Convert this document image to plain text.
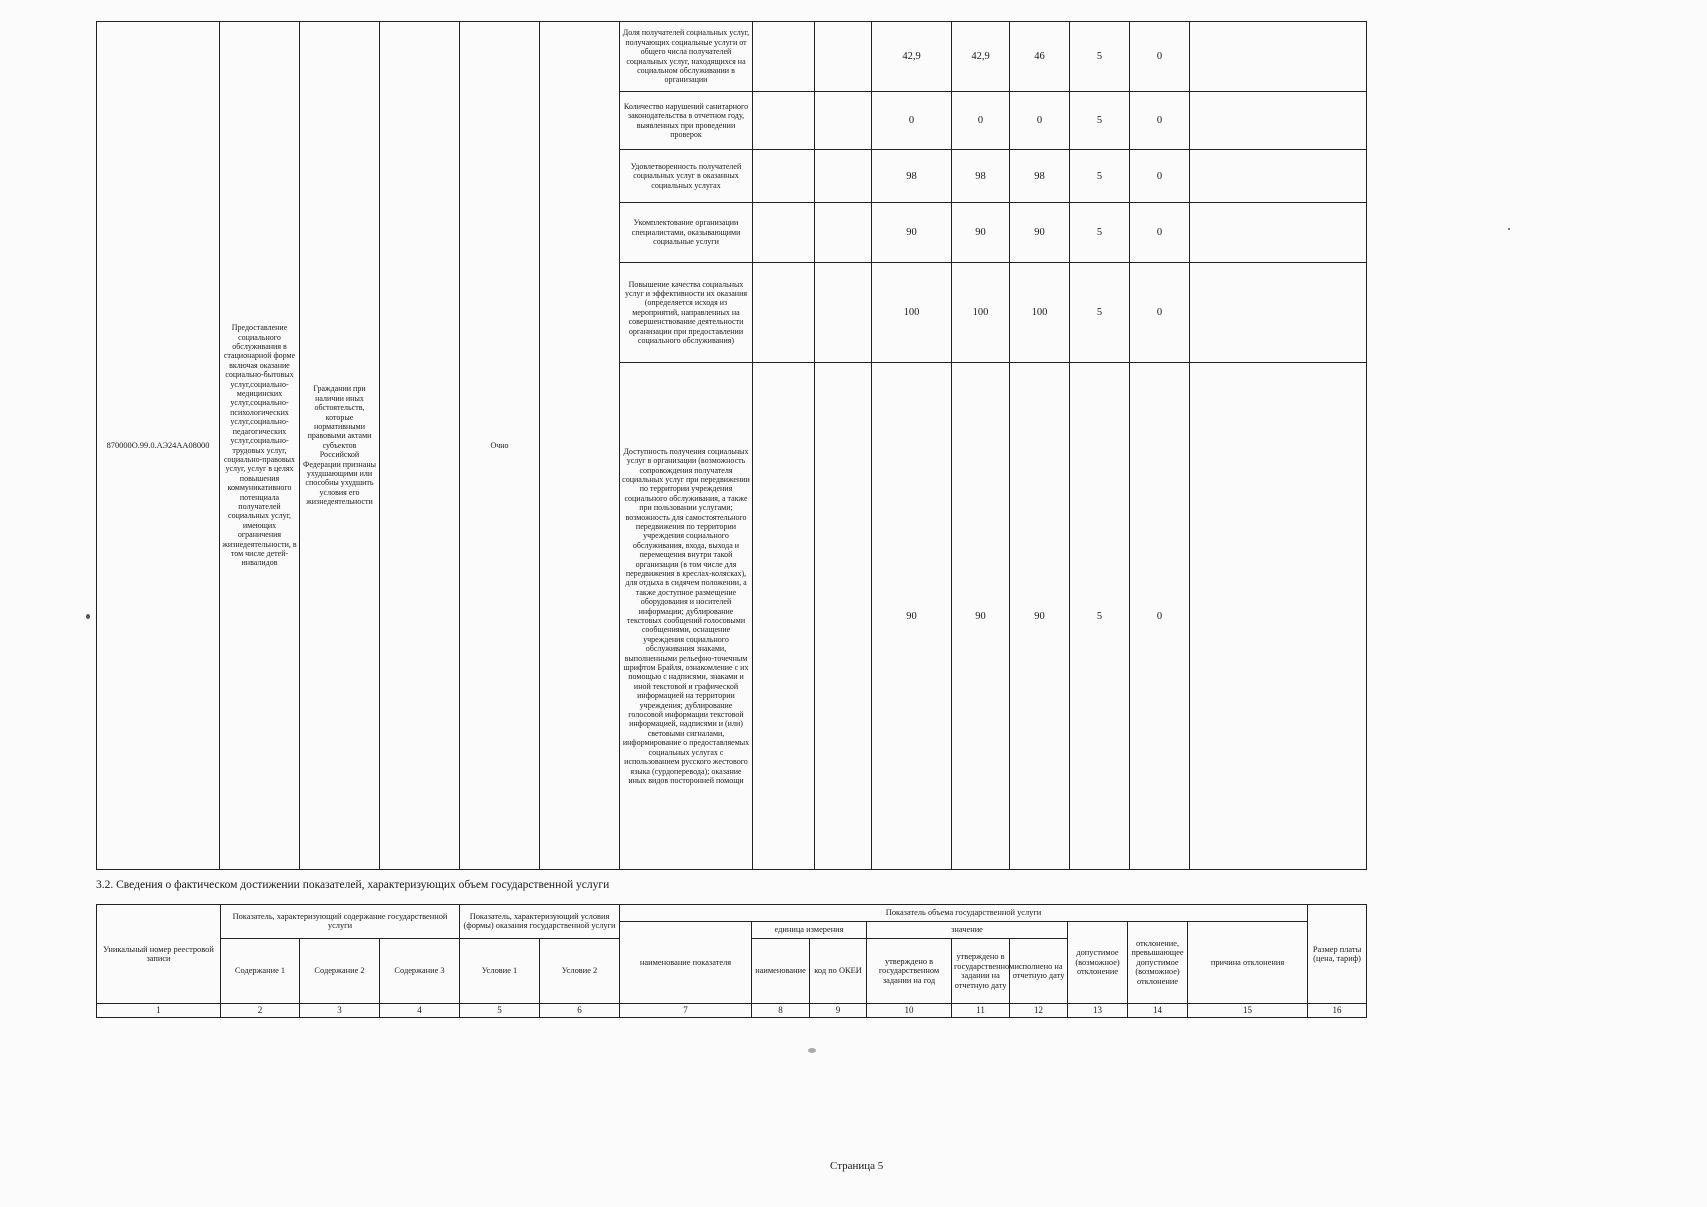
870000О.99.0.АЭ24АА08000	Предоставление социального обслуживания в стационарной форме включая оказание социально-бытовых услуг,социально-медицинских услуг,социально-психологических услуг,социально-педагогических услуг,социально-трудовых услуг, социально-правовых услуг, услуг в целях повышения коммуникативного потенциала получателей социальных услуг, имеющих ограничения жизнедеятельности, в том числе детей-инвалидов	Граждании при наличии иных обстоятельств, которые нормативными правовыми актами субъектов Российской Федерации признаны ухудшающими или способны ухудшить условия его жизнедеятельности		Очно		Доля получателей социальных услуг, получающих социальные услуги от общего числа получателей социальных услуг, находящихся на социальном обслуживании в организации			42,9	42,9	46	5	0	
						Количество нарушений санитарного законодательства в отчетном году, выявленных при проведении проверок			0	0	0	5	0	
						Удовлетворенность получателей социальных услуг в оказанных социальных услугах			98	98	98	5	0	
						Укомплектование организации специалистами, оказывающими социальные услуги			90	90	90	5	0	
						Повышение качества социальных услуг и эффективности их оказания (определяется исходя из мероприятий, направленных на совершенствование деятельности организации при предоставлении социального обслуживания)			100	100	100	5	0	
						Доступность получения социальных услуг в организации (возможность сопровождения получателя социальных услуг при передвижении по территории учреждения социального обслуживания, а также при пользовании услугами; возможность для самостоятельного передвижения по территории учреждения социального обслуживания, входа, выхода и перемещения внутри такой организации (в том числе для передвижения в креслах-колясках), для отдыха в сидячем положении, а также доступное размещение оборудования и носителей информации; дублирование текстовых сообщений голосовыми сообщениями, оснащение учреждения социального обслуживания знаками, выполненными рельефно-точечным шрифтом Брайля, ознакомление с их помощью с надписями, знаками и иной текстовой и графической информацией на территории учреждения; дублирование голосовой информации текстовой информацией, надписями и (или) световыми сигналами, информирование о предоставляемых социальных услугах с использованием русского жестового языка (сурдоперевода); оказание иных видов посторонней помощи			90	90	90	5	0	
3.2. Сведения о фактическом достижении показателей, характеризующих объем государственной услуги
Уникальный номер реестровой записи	Показатель, характеризующий содержание государственной услуги			Показатель, характеризующий условия (формы) оказания государственной услуги		Показатель объема государственной услуги									Размер платы (цена, тариф)
						наименование показателя	единица измерения		значение			допустимое (возможное) отклонение	отклонение, превышающее допустимое (возможное) отклонение	причина отклонения	
	Содержание 1	Содержание 2	Содержание 3	Условие 1	Условие 2		наименование	код по ОКЕИ	утверждено в государственном задании на год	утверждено в государственном задании на отчетную дату	исполнено на отчетную дату				
1	2	3	4	5	6	7	8	9	10	11	12	13	14	15	16
Страница 5
